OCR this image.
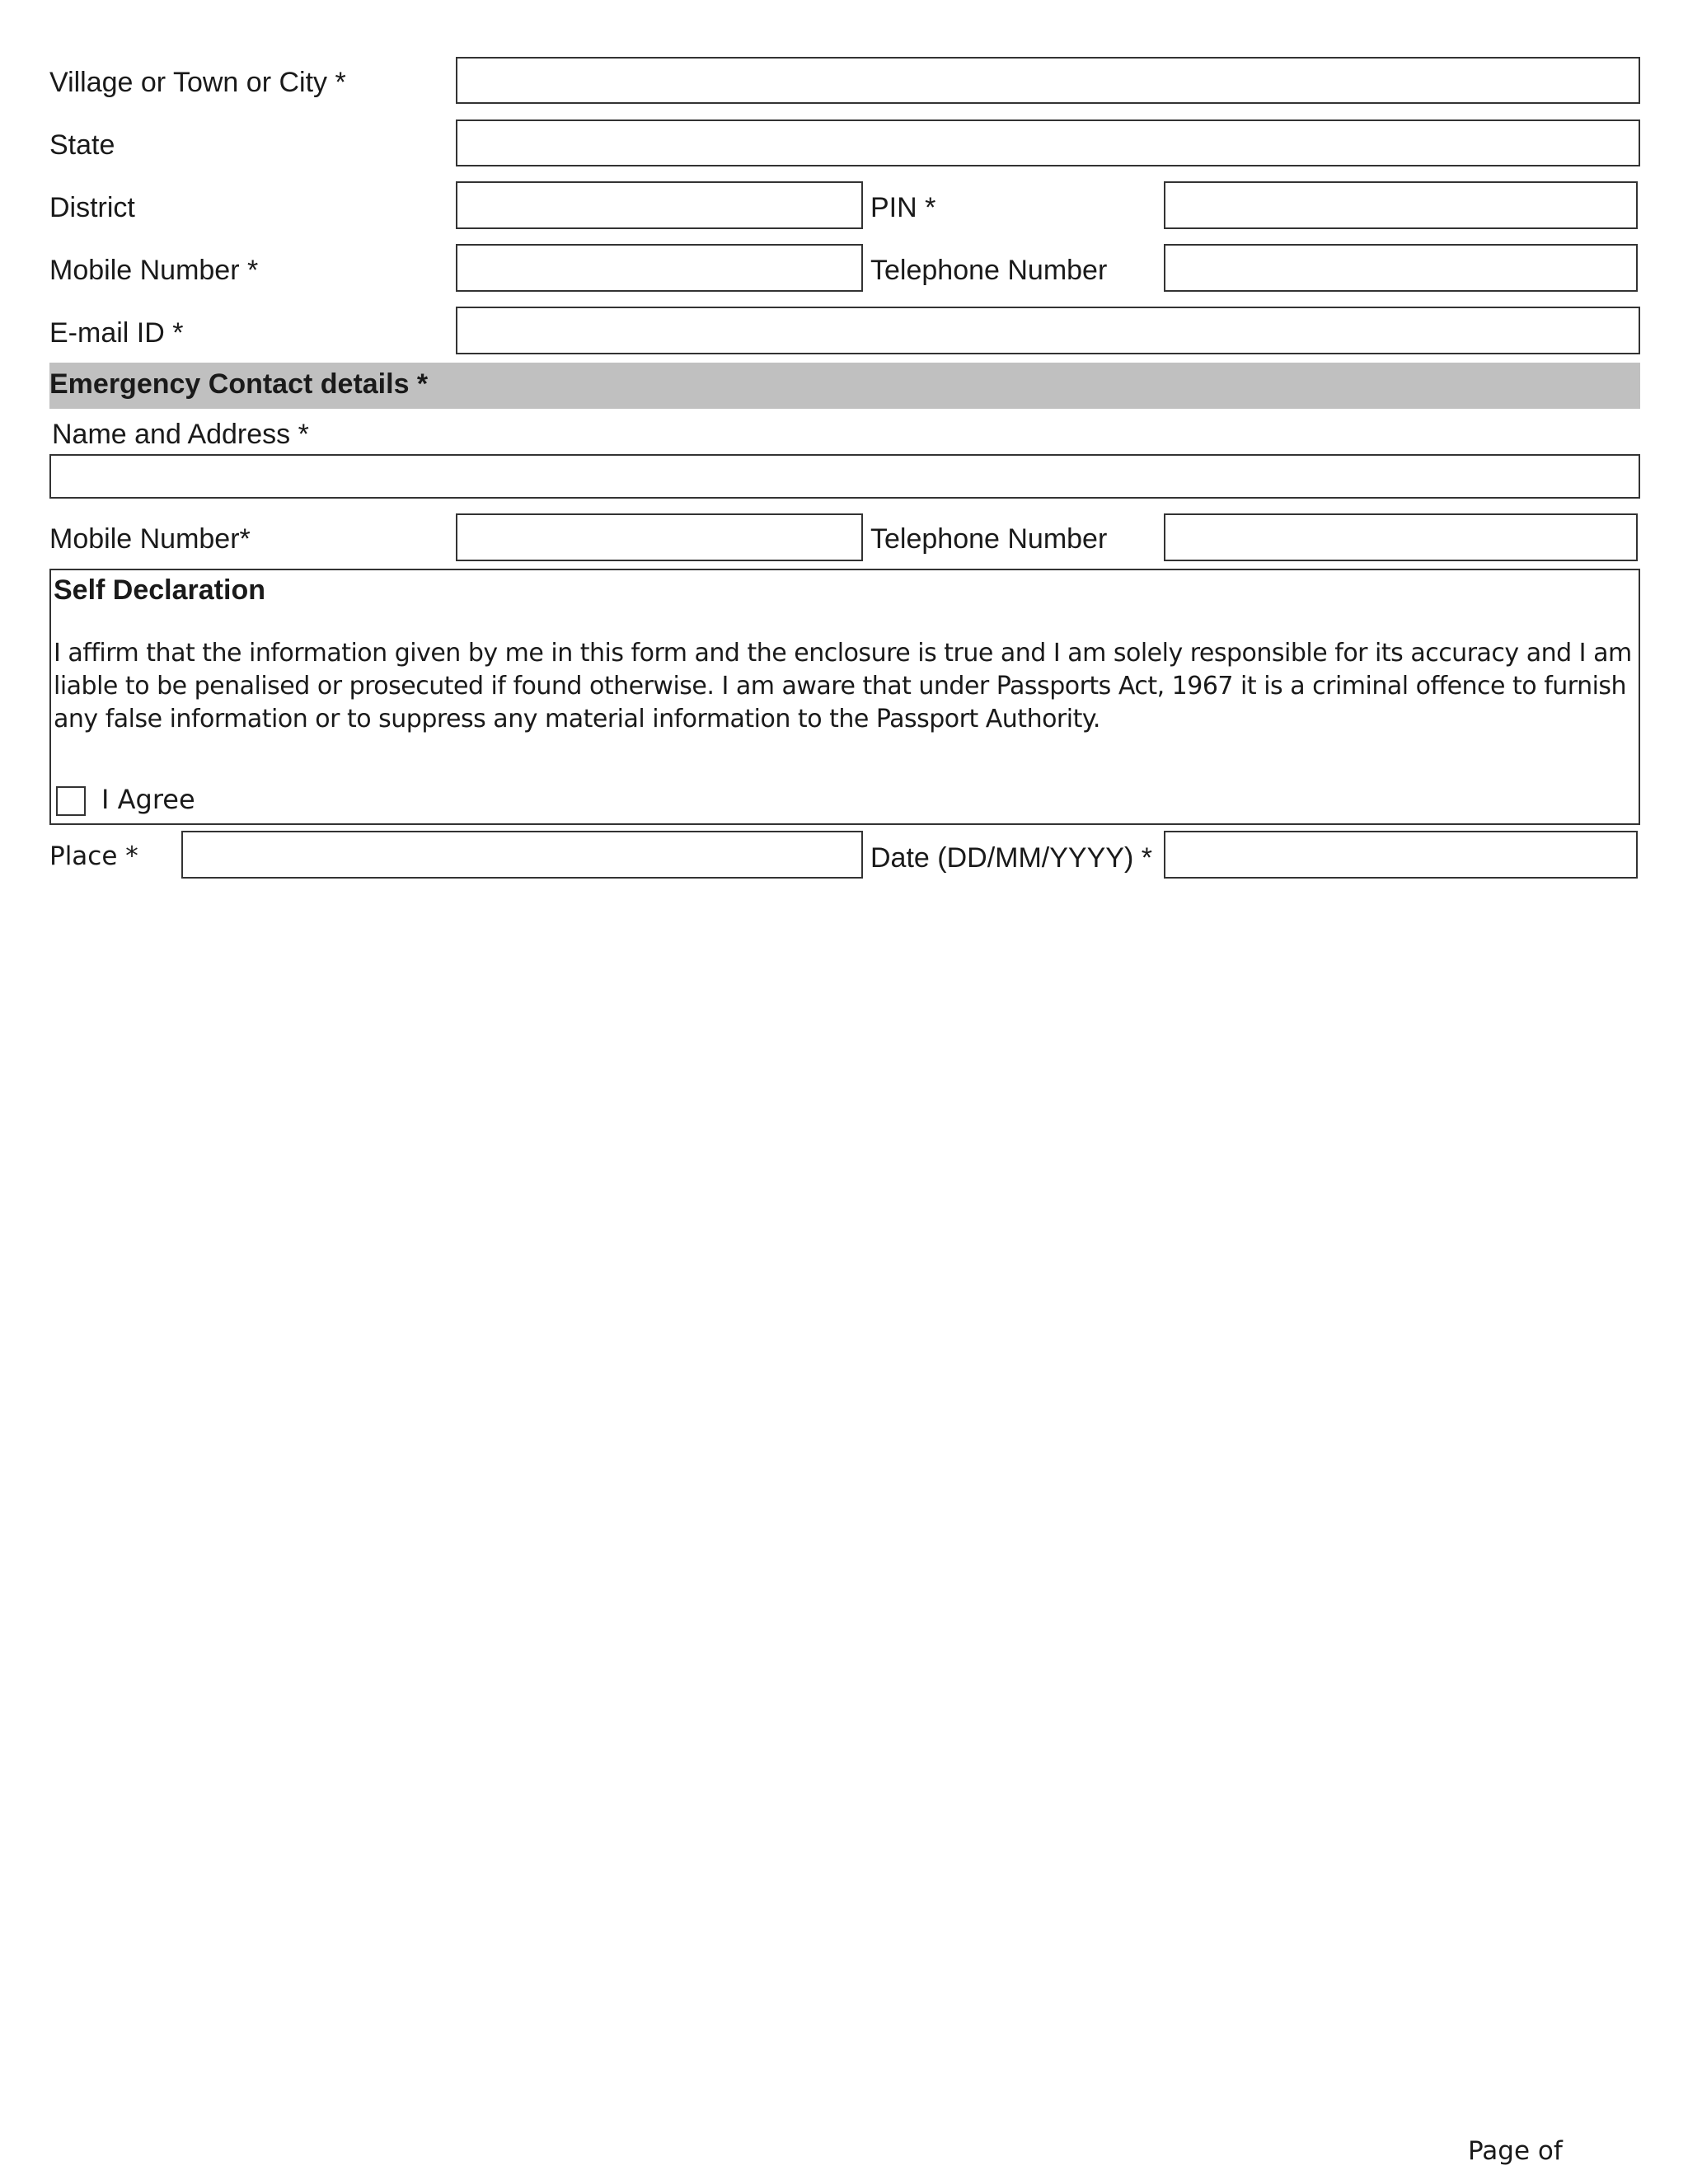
Village or Town or City *
State
District	PIN *
Mobile Number *	Telephone Number
E-mail ID *
Emergency Contact details *
Name and Address *
Mobile Number*	Telephone Number
Self Declaration
I affirm that the information given by me in this form and the enclosure is true and I am solely responsible for its accuracy and I am liable to be penalised or prosecuted if found otherwise. I am aware that under Passports Act, 1967 it is a criminal offence to furnish any false information or to suppress any material information to the Passport Authority.
I Agree
Place *	Date (DD/MM/YYYY) *
Page of
